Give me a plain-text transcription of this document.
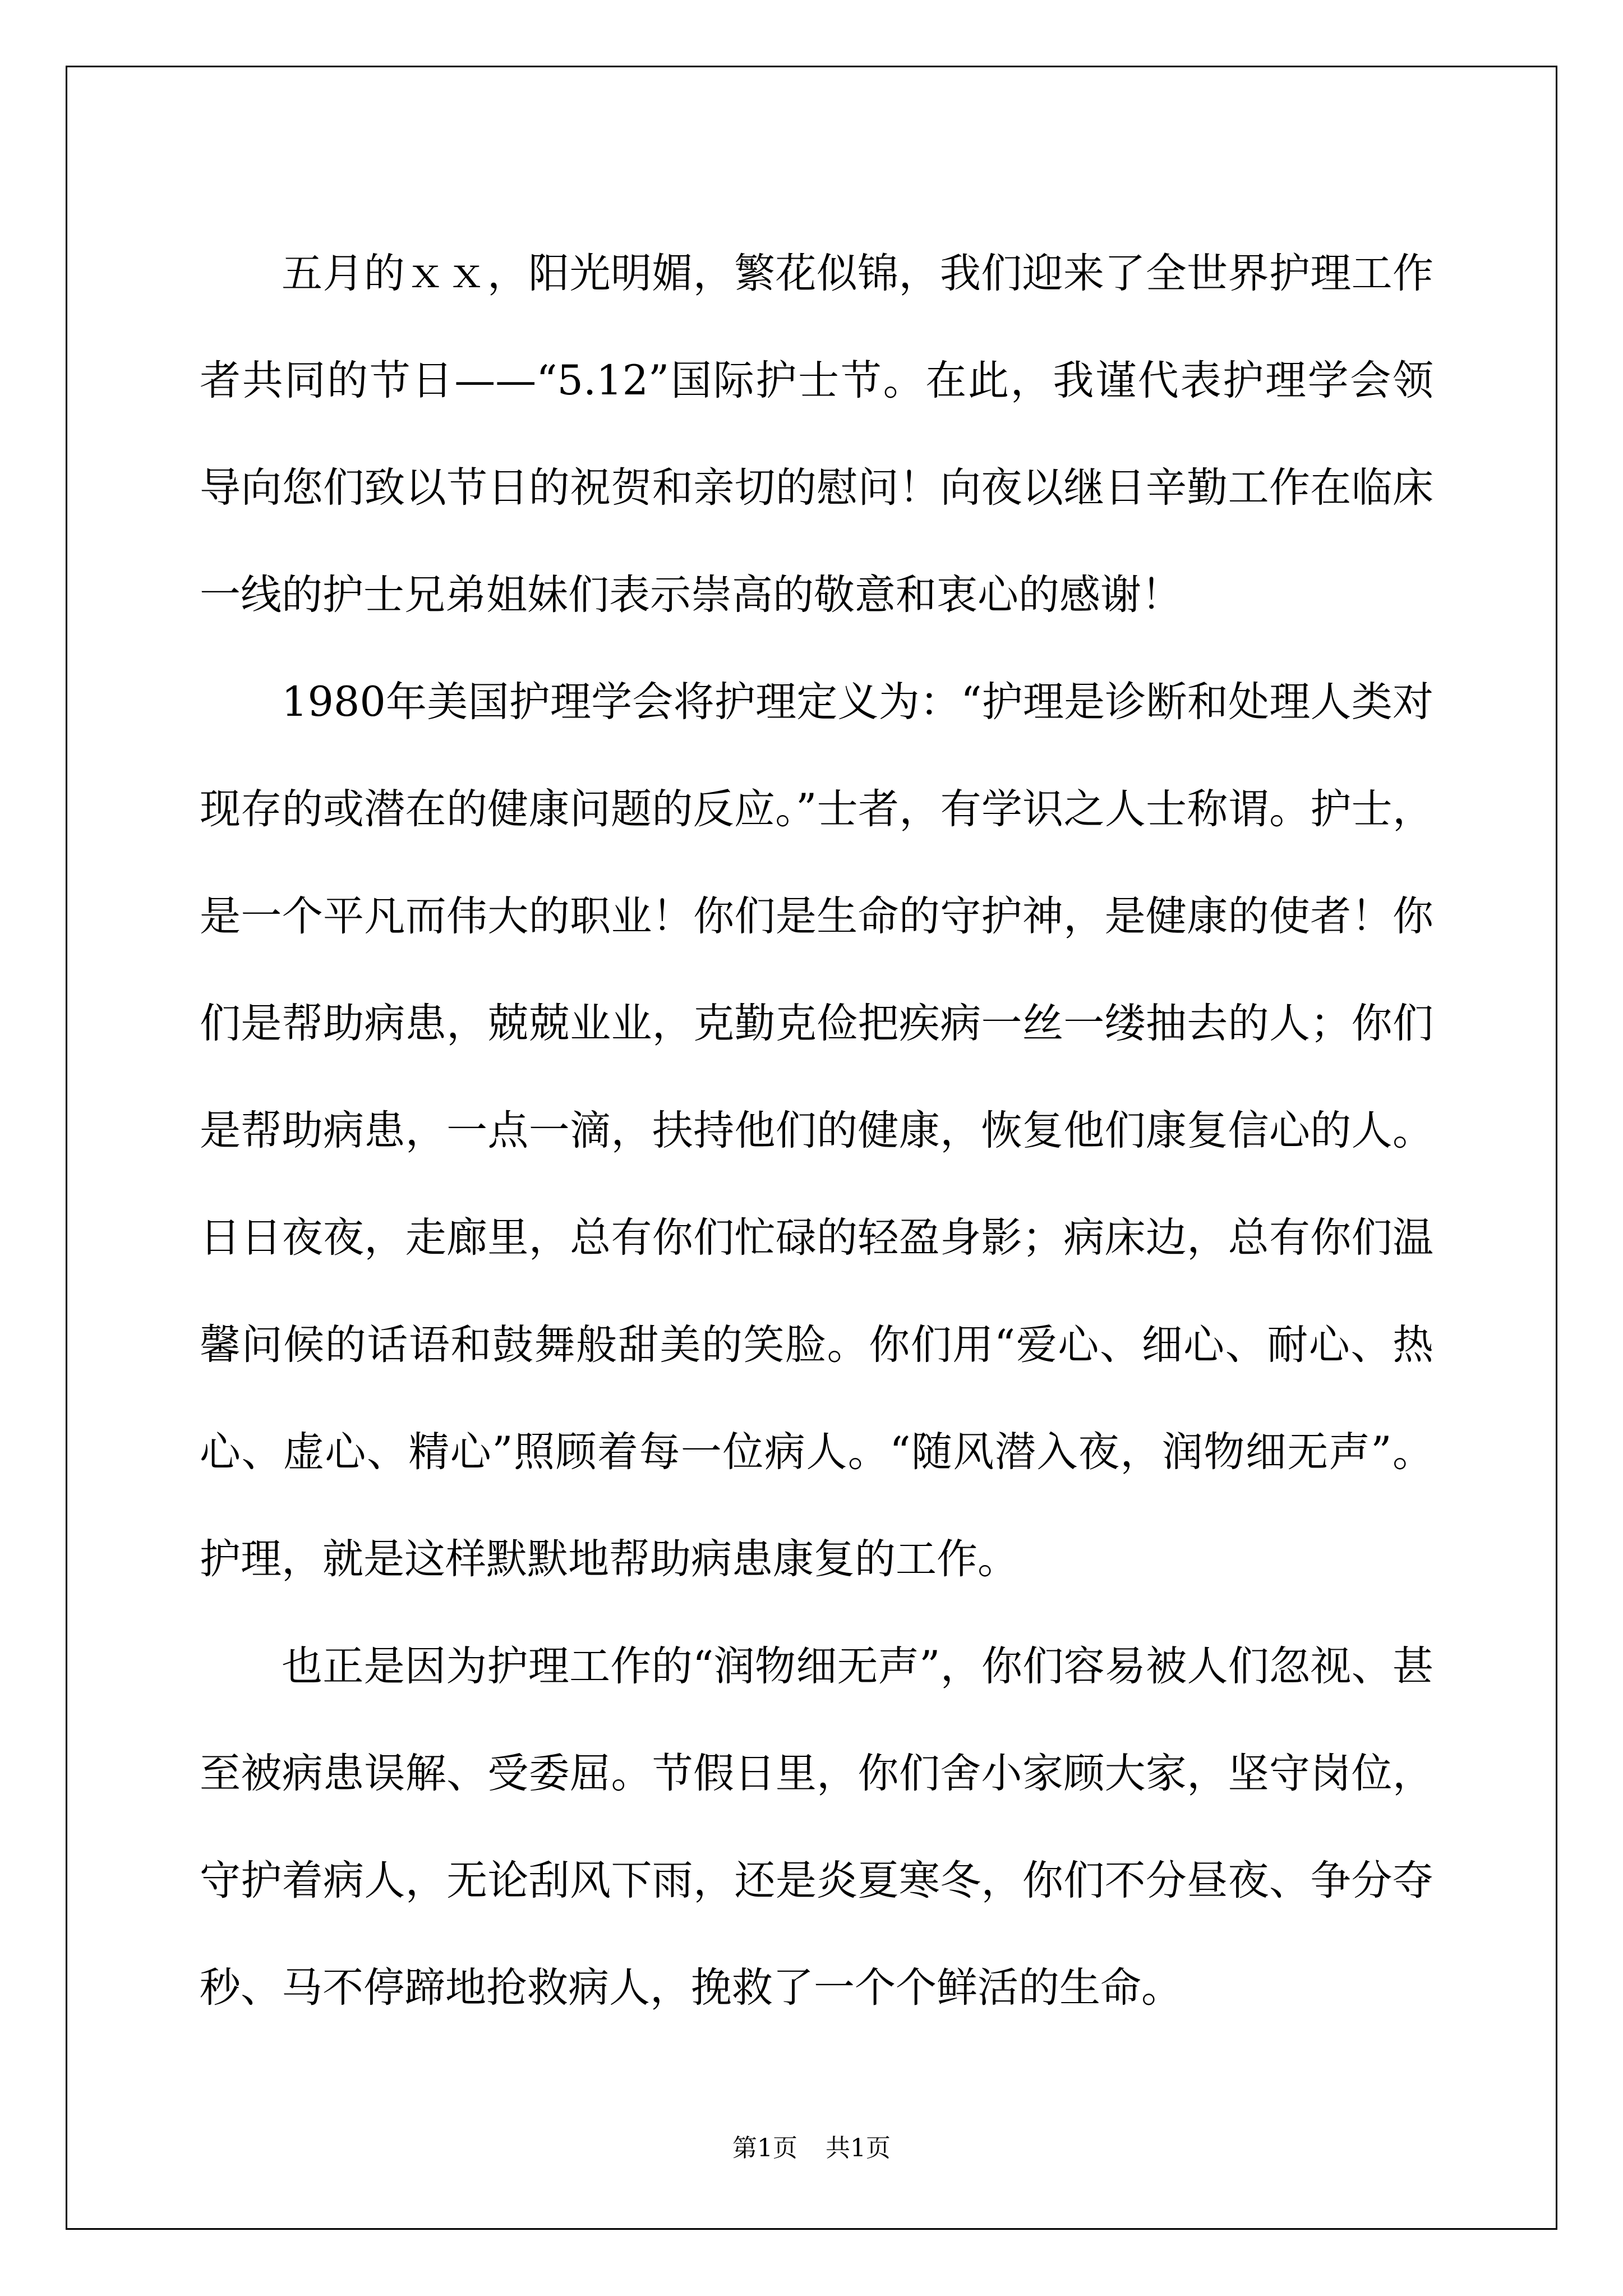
五月的ｘｘ，阳光明媚，繁花似锦，我们迎来了全世界护理工作者共同的节日——“5.12”国际护士节。在此，我谨代表护理学会领导向您们致以节日的祝贺和亲切的慰问！向夜以继日辛勤工作在临床一线的护士兄弟姐妹们表示崇高的敬意和衷心的感谢！

1980年美国护理学会将护理定义为：“护理是诊断和处理人类对现存的或潜在的健康问题的反应。”士者，有学识之人士称谓。护士，是一个平凡而伟大的职业！你们是生命的守护神，是健康的使者！你们是帮助病患，兢兢业业，克勤克俭把疾病一丝一缕抽去的人；你们是帮助病患，一点一滴，扶持他们的健康，恢复他们康复信心的人。日日夜夜，走廊里，总有你们忙碌的轻盈身影；病床边，总有你们温馨问候的话语和鼓舞般甜美的笑脸。你们用“爱心、细心、耐心、热心、虚心、精心”照顾着每一位病人。“随风潜入夜，润物细无声”。护理，就是这样默默地帮助病患康复的工作。

也正是因为护理工作的“润物细无声”，你们容易被人们忽视、甚至被病患误解、受委屈。节假日里，你们舍小家顾大家，坚守岗位，守护着病人，无论刮风下雨，还是炎夏寒冬，你们不分昼夜、争分夺秒、马不停蹄地抢救病人，挽救了一个个鲜活的生命。

第1页 共1页
